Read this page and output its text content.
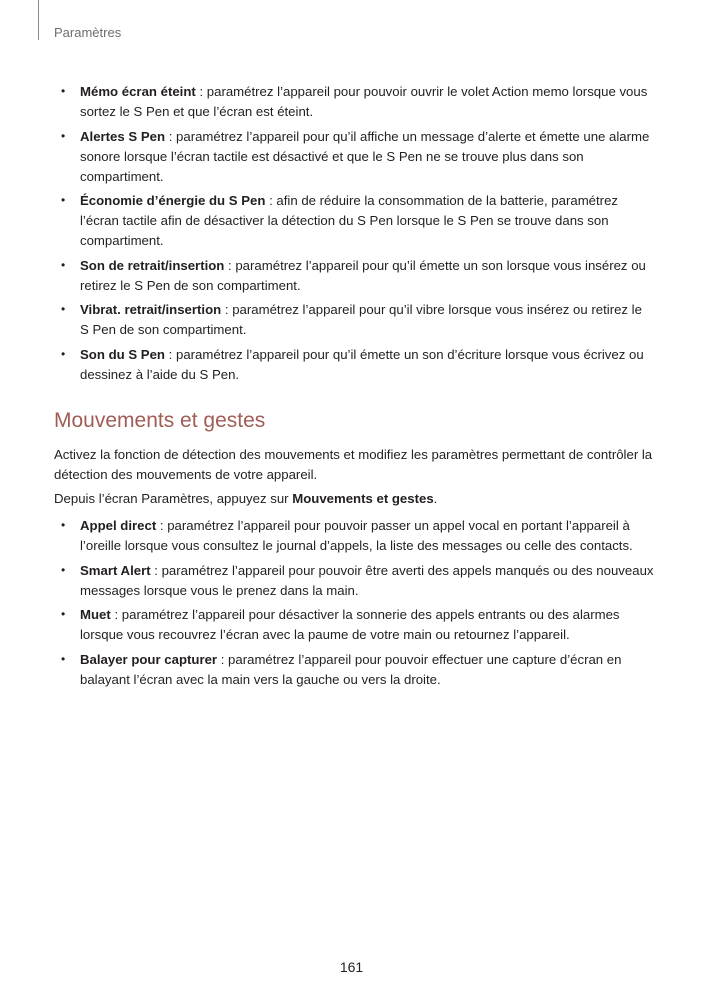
Paramètres
• Mémo écran éteint : paramétrez l’appareil pour pouvoir ouvrir le volet Action memo lorsque vous sortez le S Pen et que l’écran est éteint.
• Alertes S Pen : paramétrez l’appareil pour qu’il affiche un message d’alerte et émette une alarme sonore lorsque l’écran tactile est désactivé et que le S Pen ne se trouve plus dans son compartiment.
• Économie d’énergie du S Pen : afin de réduire la consommation de la batterie, paramétrez l’écran tactile afin de désactiver la détection du S Pen lorsque le S Pen se trouve dans son compartiment.
• Son de retrait/insertion : paramétrez l’appareil pour qu’il émette un son lorsque vous insérez ou retirez le S Pen de son compartiment.
• Vibrat. retrait/insertion : paramétrez l’appareil pour qu’il vibre lorsque vous insérez ou retirez le S Pen de son compartiment.
• Son du S Pen : paramétrez l’appareil pour qu’il émette un son d’écriture lorsque vous écrivez ou dessinez à l’aide du S Pen.
Mouvements et gestes

Activez la fonction de détection des mouvements et modifiez les paramètres permettant de contrôler la détection des mouvements de votre appareil.

Depuis l’écran Paramètres, appuyez sur Mouvements et gestes.

• Appel direct : paramétrez l’appareil pour pouvoir passer un appel vocal en portant l’appareil à l’oreille lorsque vous consultez le journal d’appels, la liste des messages ou celle des contacts.
• Smart Alert : paramétrez l’appareil pour pouvoir être averti des appels manqués ou des nouveaux messages lorsque vous le prenez dans la main.
• Muet : paramétrez l’appareil pour désactiver la sonnerie des appels entrants ou des alarmes lorsque vous recouvrez l’écran avec la paume de votre main ou retournez l’appareil.
• Balayer pour capturer : paramétrez l’appareil pour pouvoir effectuer une capture d’écran en balayant l’écran avec la main vers la gauche ou vers la droite.
161
